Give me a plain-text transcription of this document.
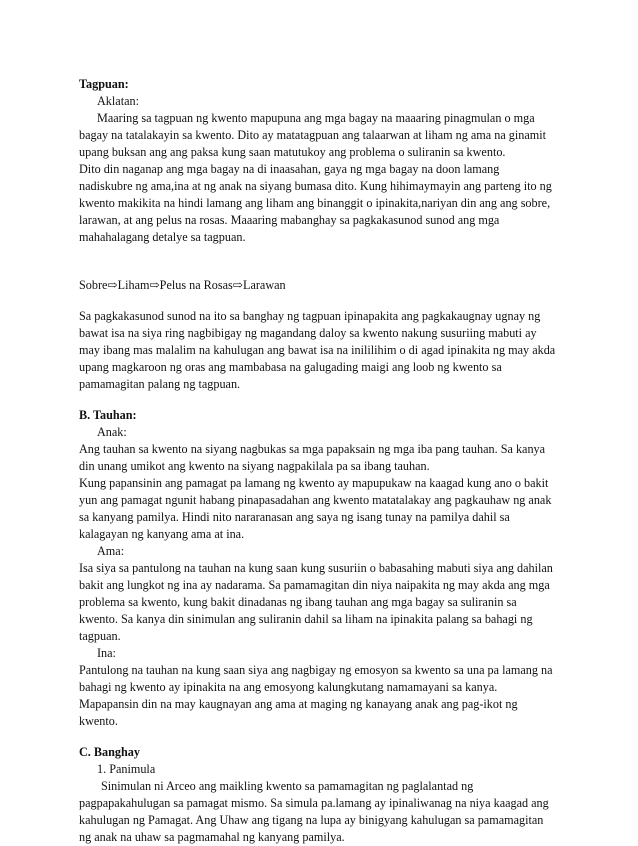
Tagpuan:

Aklatan:

Maaring sa tagpuan ng kwento mapupuna ang mga bagay na maaaring pinagmulan o mga

bagay na tatalakayin sa kwento. Dito ay matatagpuan ang talaarwan at liham ng ama na ginamit

upang buksan ang ang paksa kung saan matutukoy ang problema o suliranin sa kwento.

Dito din naganap ang mga bagay na di inaasahan, gaya ng mga bagay na doon lamang

nadiskubre ng ama,ina at ng anak na siyang bumasa dito. Kung hihimaymayin ang parteng ito ng

kwento makikita na hindi lamang ang liham ang binanggit o ipinakita,nariyan din ang ang sobre,

larawan, at ang pelus na rosas. Maaaring mabanghay sa pagkakasunod sunod ang mga

mahahalagang detalye sa tagpuan.

Sobre⇨Liham⇨Pelus na Rosas⇨Larawan

Sa pagkakasunod sunod na ito sa banghay ng tagpuan ipinapakita ang pagkakaugnay ugnay ng

bawat isa na siya ring nagbibigay ng magandang daloy sa kwento nakung susuriing mabuti ay

may ibang mas malalim na kahulugan ang bawat isa na inililihim o di agad ipinakita ng may akda

upang magkaroon ng oras ang mambabasa na galugading maigi ang loob ng kwento sa

pamamagitan palang ng tagpuan.

B. Tauhan:

Anak:

Ang tauhan sa kwento na siyang nagbukas sa mga papaksain ng mga iba pang tauhan. Sa kanya

din unang umikot ang kwento na siyang nagpakilala pa sa ibang tauhan.

Kung papansinin ang pamagat pa lamang ng kwento ay mapupukaw na kaagad kung ano o bakit

yun ang pamagat ngunit habang pinapasadahan ang kwento matatalakay ang pagkauhaw ng anak

sa kanyang pamilya. Hindi nito nararanasan ang saya ng isang tunay na pamilya dahil sa

kalagayan ng kanyang ama at ina.

Ama:

Isa siya sa pantulong na tauhan na kung saan kung susuriin o babasahing mabuti siya ang dahilan

bakit ang lungkot ng ina ay nadarama. Sa pamamagitan din niya naipakita ng may akda ang mga

problema sa kwento, kung bakit dinadanas ng ibang tauhan ang mga bagay sa suliranin sa

kwento. Sa kanya din sinimulan ang suliranin dahil sa liham na ipinakita palang sa bahagi ng

tagpuan.

Ina:

Pantulong na tauhan na kung saan siya ang nagbigay ng emosyon sa kwento sa una pa lamang na

bahagi ng kwento ay ipinakita na ang emosyong kalungkutang namamayani sa kanya.

Mapapansin din na may kaugnayan ang ama at maging ng kanayang anak ang pag-ikot ng

kwento.

C. Banghay

1. Panimula

Sinimulan ni Arceo ang maikling kwento sa pamamagitan ng paglalantad ng

pagpapakahulugan sa pamagat mismo. Sa simula pa.lamang ay ipinaliwanag na niya kaagad ang

kahulugan ng Pamagat. Ang Uhaw ang tigang na lupa ay binigyang kahulugan sa pamamagitan

ng anak na uhaw sa pagmamahal ng kanyang pamilya.
